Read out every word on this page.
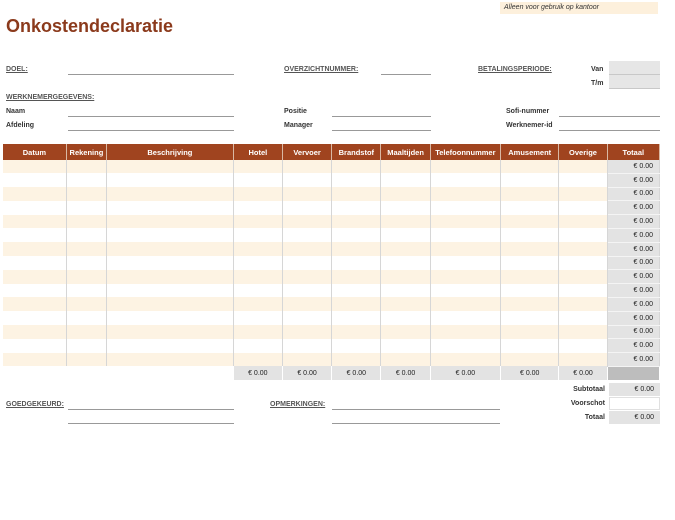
Alleen voor gebruik op kantoor
Onkostendeclaratie
DOEL:	OVERZICHTNUMMER:	BETALINGSPERIODE:	Van
T/m
WERKNEMERGEGEVENS:
Naam
Afdeling
Positie
Manager
Sofi-nummer
Werknemer-id
Datum	Rekening	Beschrijving	Hotel	Vervoer	Brandstof	Maaltijden	Telefoonnummer	Amusement	Overige	Totaal
										€ 0.00
										€ 0.00
										€ 0.00
										€ 0.00
										€ 0.00
										€ 0.00
										€ 0.00
										€ 0.00
										€ 0.00
										€ 0.00
										€ 0.00
										€ 0.00
										€ 0.00
										€ 0.00
										€ 0.00
			€ 0.00	€ 0.00	€ 0.00	€ 0.00	€ 0.00	€ 0.00	€ 0.00	
GOEDGEKEURD:	OPMERKINGEN:
Subtotaal	€ 0.00
Voorschot
Totaal	€ 0.00
